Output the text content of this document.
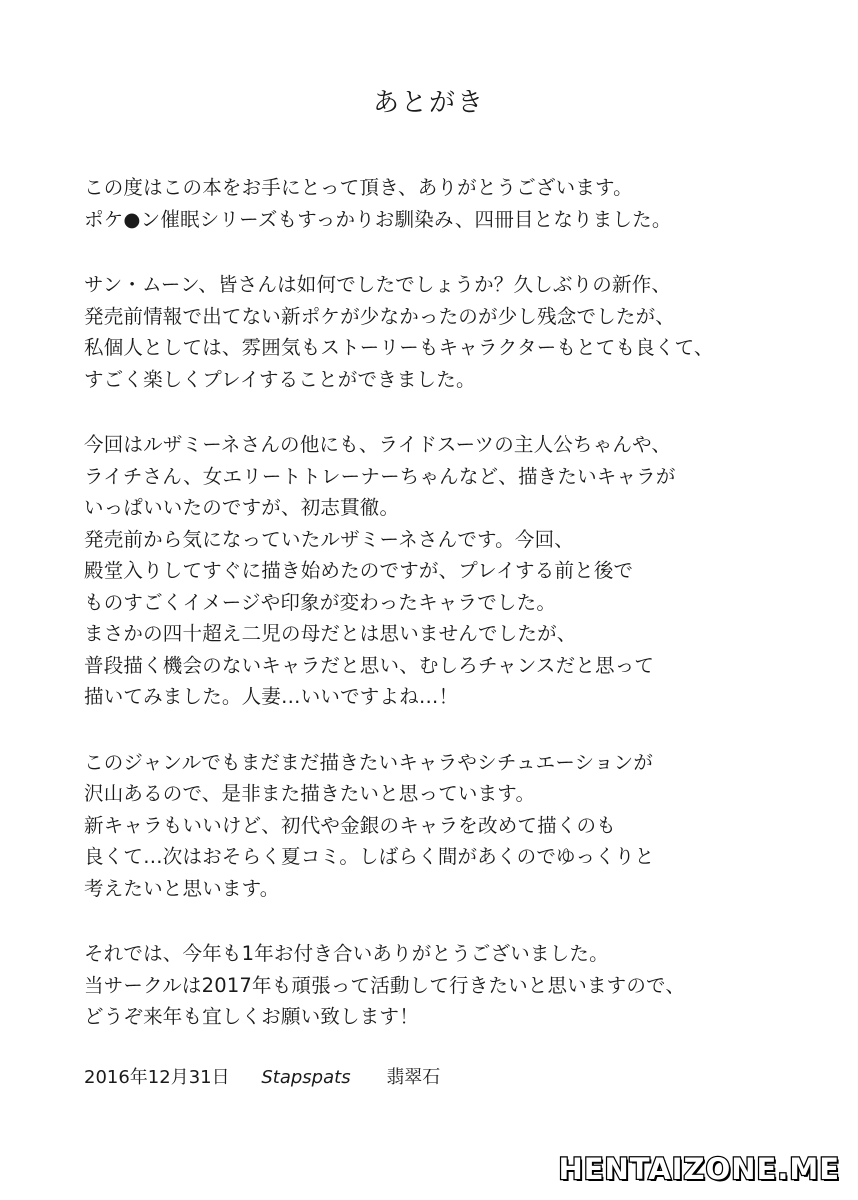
あとがき
この度はこの本をお手にとって頂き、ありがとうございます。
ポケ●ン催眠シリーズもすっかりお馴染み、四冊目となりました。
サン・ムーン、皆さんは如何でしたでしょうか？久しぶりの新作、
発売前情報で出てない新ポケが少なかったのが少し残念でしたが、
私個人としては、雰囲気もストーリーもキャラクターもとても良くて、
すごく楽しくプレイすることができました。
今回はルザミーネさんの他にも、ライドスーツの主人公ちゃんや、
ライチさん、女エリートトレーナーちゃんなど、描きたいキャラが
いっぱいいたのですが、初志貫徹。
発売前から気になっていたルザミーネさんです。今回、
殿堂入りしてすぐに描き始めたのですが、プレイする前と後で
ものすごくイメージや印象が変わったキャラでした。
まさかの四十超え二児の母だとは思いませんでしたが、
普段描く機会のないキャラだと思い、むしろチャンスだと思って
描いてみました。人妻…いいですよね…！
このジャンルでもまだまだ描きたいキャラやシチュエーションが
沢山あるので、是非また描きたいと思っています。
新キャラもいいけど、初代や金銀のキャラを改めて描くのも
良くて…次はおそらく夏コミ。しばらく間があくのでゆっくりと
考えたいと思います。
それでは、今年も1年お付き合いありがとうございました。
当サークルは2017年も頑張って活動して行きたいと思いますので、
どうぞ来年も宜しくお願い致します！
2016年12月31日 Stapspats 翡翠石
HENTAIZONE.ME
